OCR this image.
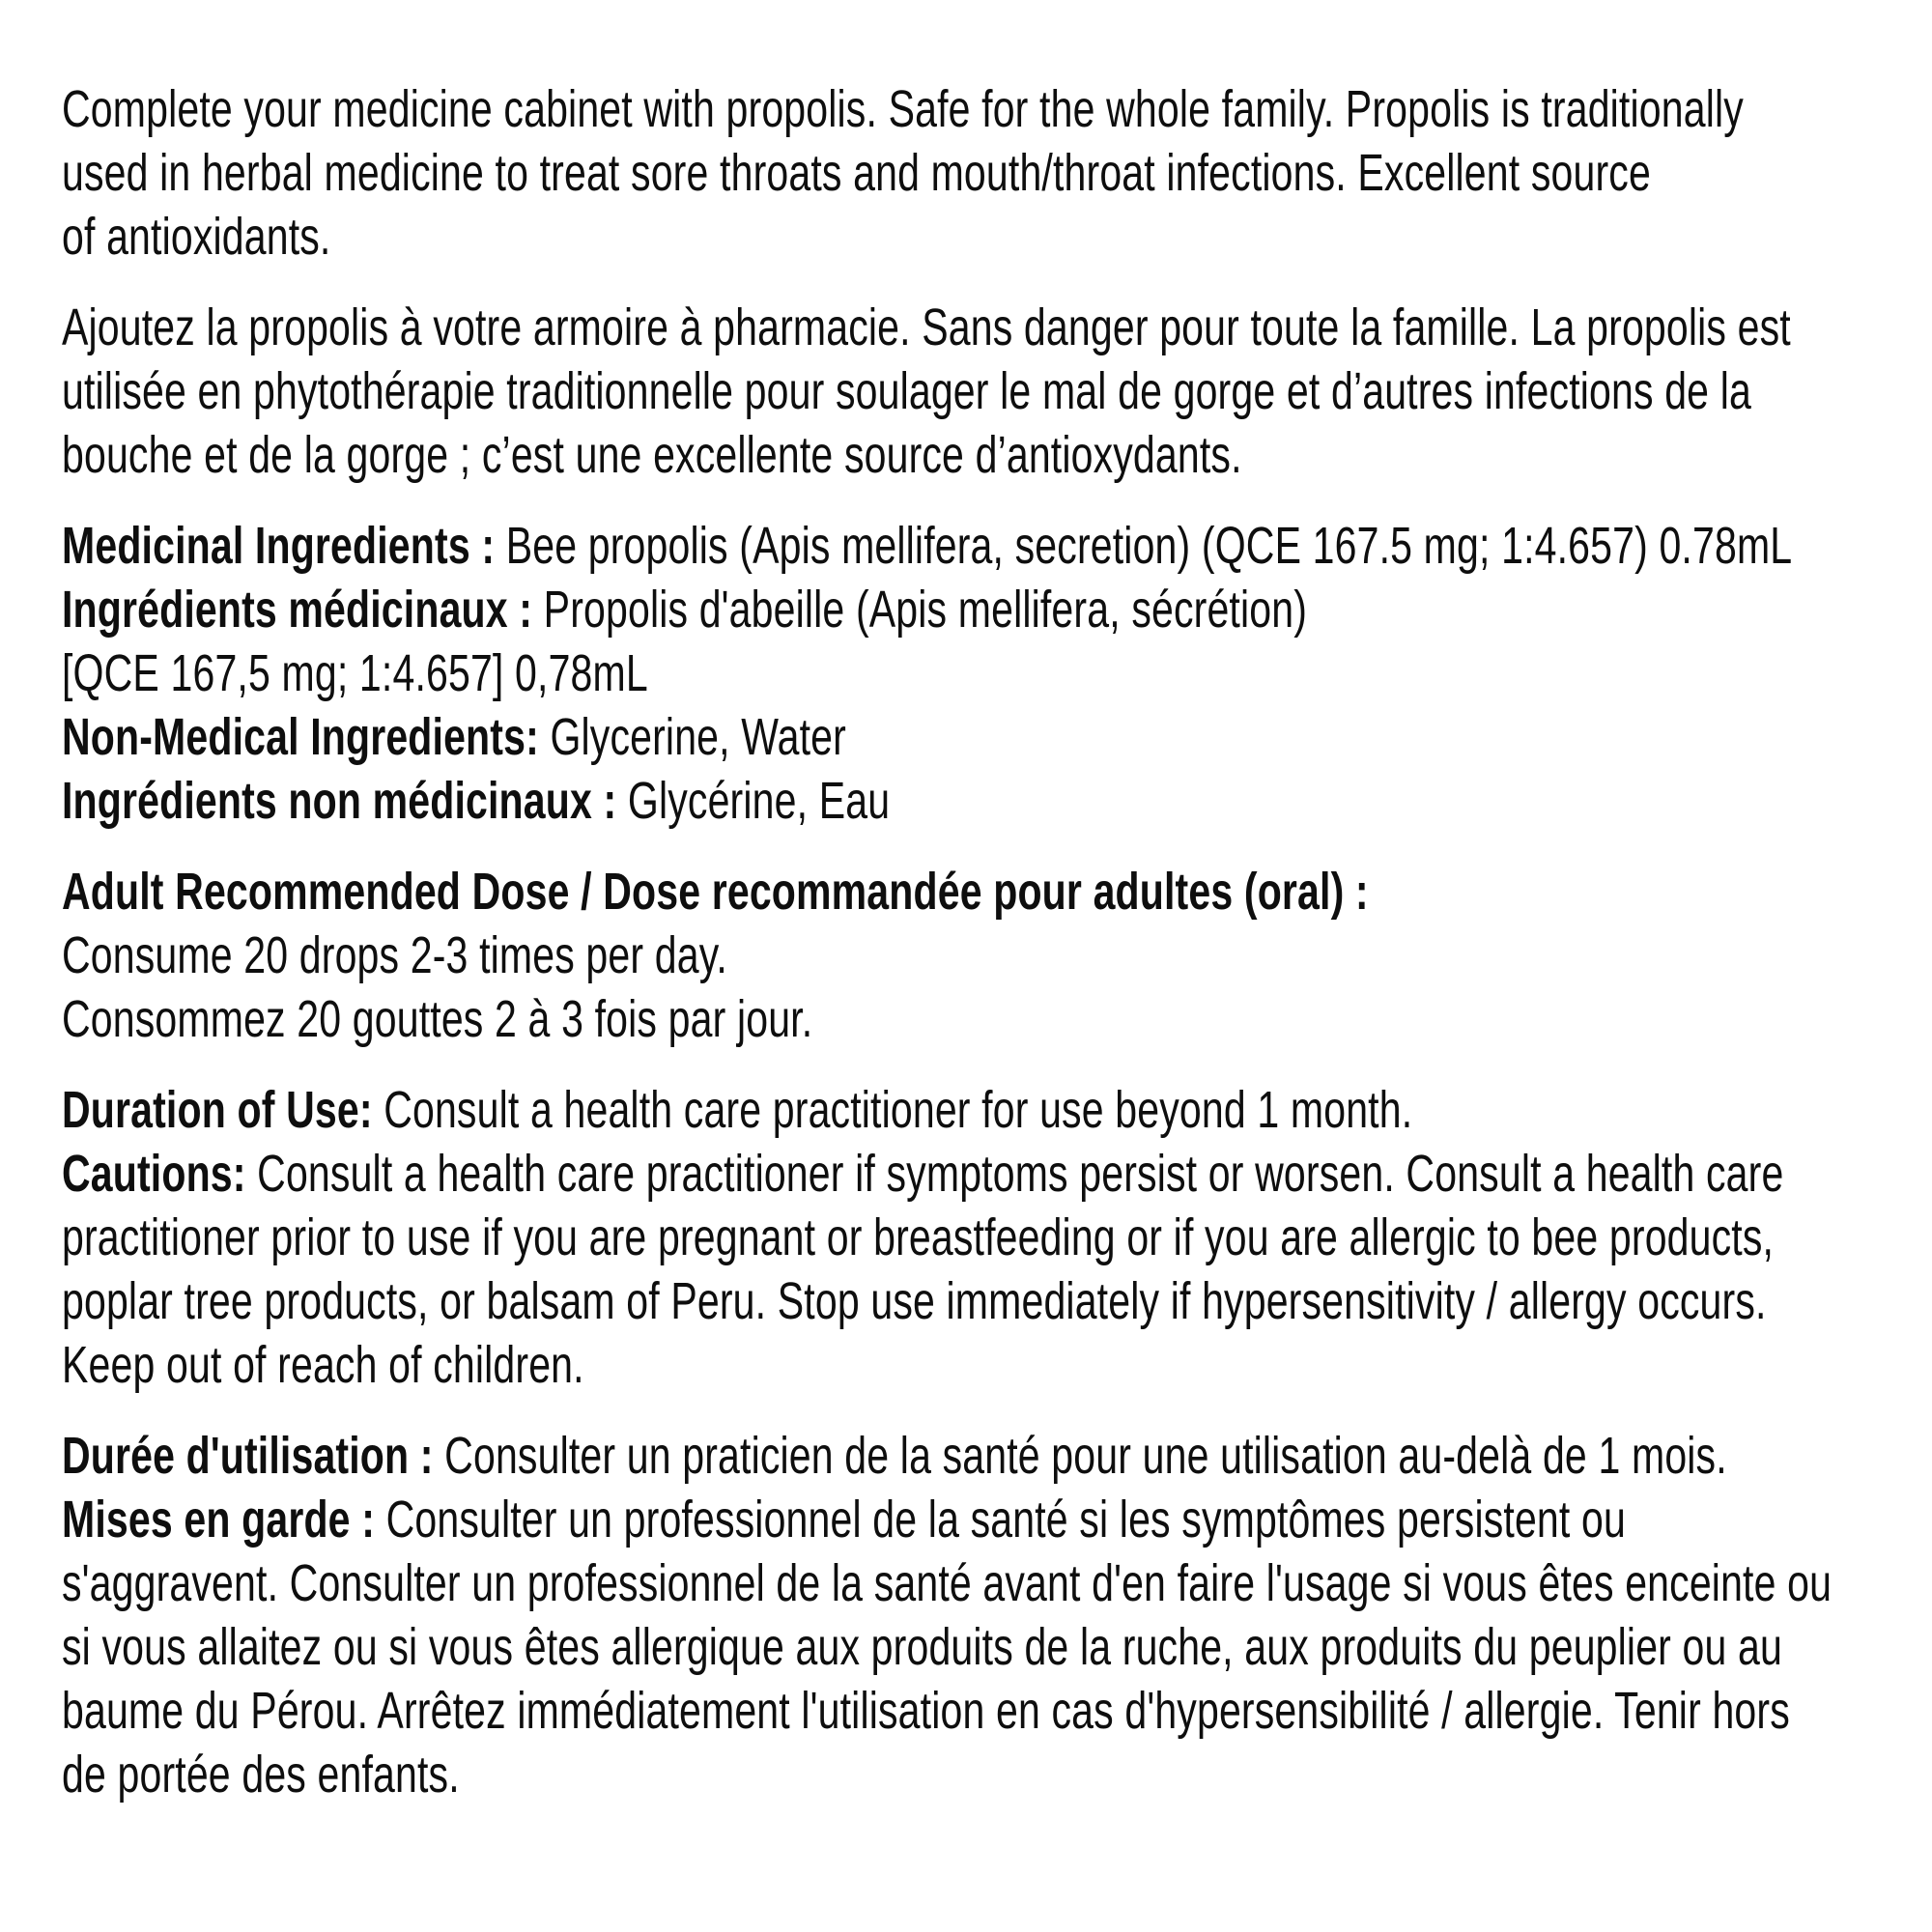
Complete your medicine cabinet with propolis. Safe for the whole family. Propolis is traditionally
used in herbal medicine to treat sore throats and mouth/throat infections. Excellent source
of antioxidants.
Ajoutez la propolis à votre armoire à pharmacie. Sans danger pour toute la famille. La propolis est
utilisée en phytothérapie traditionnelle pour soulager le mal de gorge et d’autres infections de la
bouche et de la gorge ; c’est une excellente source d’antioxydants.
Medicinal Ingredients : Bee propolis (Apis mellifera, secretion) (QCE 167.5 mg; 1:4.657) 0.78mL
Ingrédients médicinaux : Propolis d'abeille (Apis mellifera, sécrétion)
[QCE 167,5 mg; 1:4.657] 0,78mL
Non-Medical Ingredients: Glycerine, Water
Ingrédients non médicinaux : Glycérine, Eau
Adult Recommended Dose / Dose recommandée pour adultes (oral) :
Consume 20 drops 2-3 times per day.
Consommez 20 gouttes 2 à 3 fois par jour.
Duration of Use: Consult a health care practitioner for use beyond 1 month.
Cautions: Consult a health care practitioner if symptoms persist or worsen. Consult a health care
practitioner prior to use if you are pregnant or breastfeeding or if you are allergic to bee products,
poplar tree products, or balsam of Peru. Stop use immediately if hypersensitivity / allergy occurs.
Keep out of reach of children.
Durée d'utilisation : Consulter un praticien de la santé pour une utilisation au-delà de 1 mois.
Mises en garde : Consulter un professionnel de la santé si les symptômes persistent ou
s'aggravent. Consulter un professionnel de la santé avant d'en faire l'usage si vous êtes enceinte ou
si vous allaitez ou si vous êtes allergique aux produits de la ruche, aux produits du peuplier ou au
baume du Pérou. Arrêtez immédiatement l'utilisation en cas d'hypersensibilité / allergie. Tenir hors
de portée des enfants.
